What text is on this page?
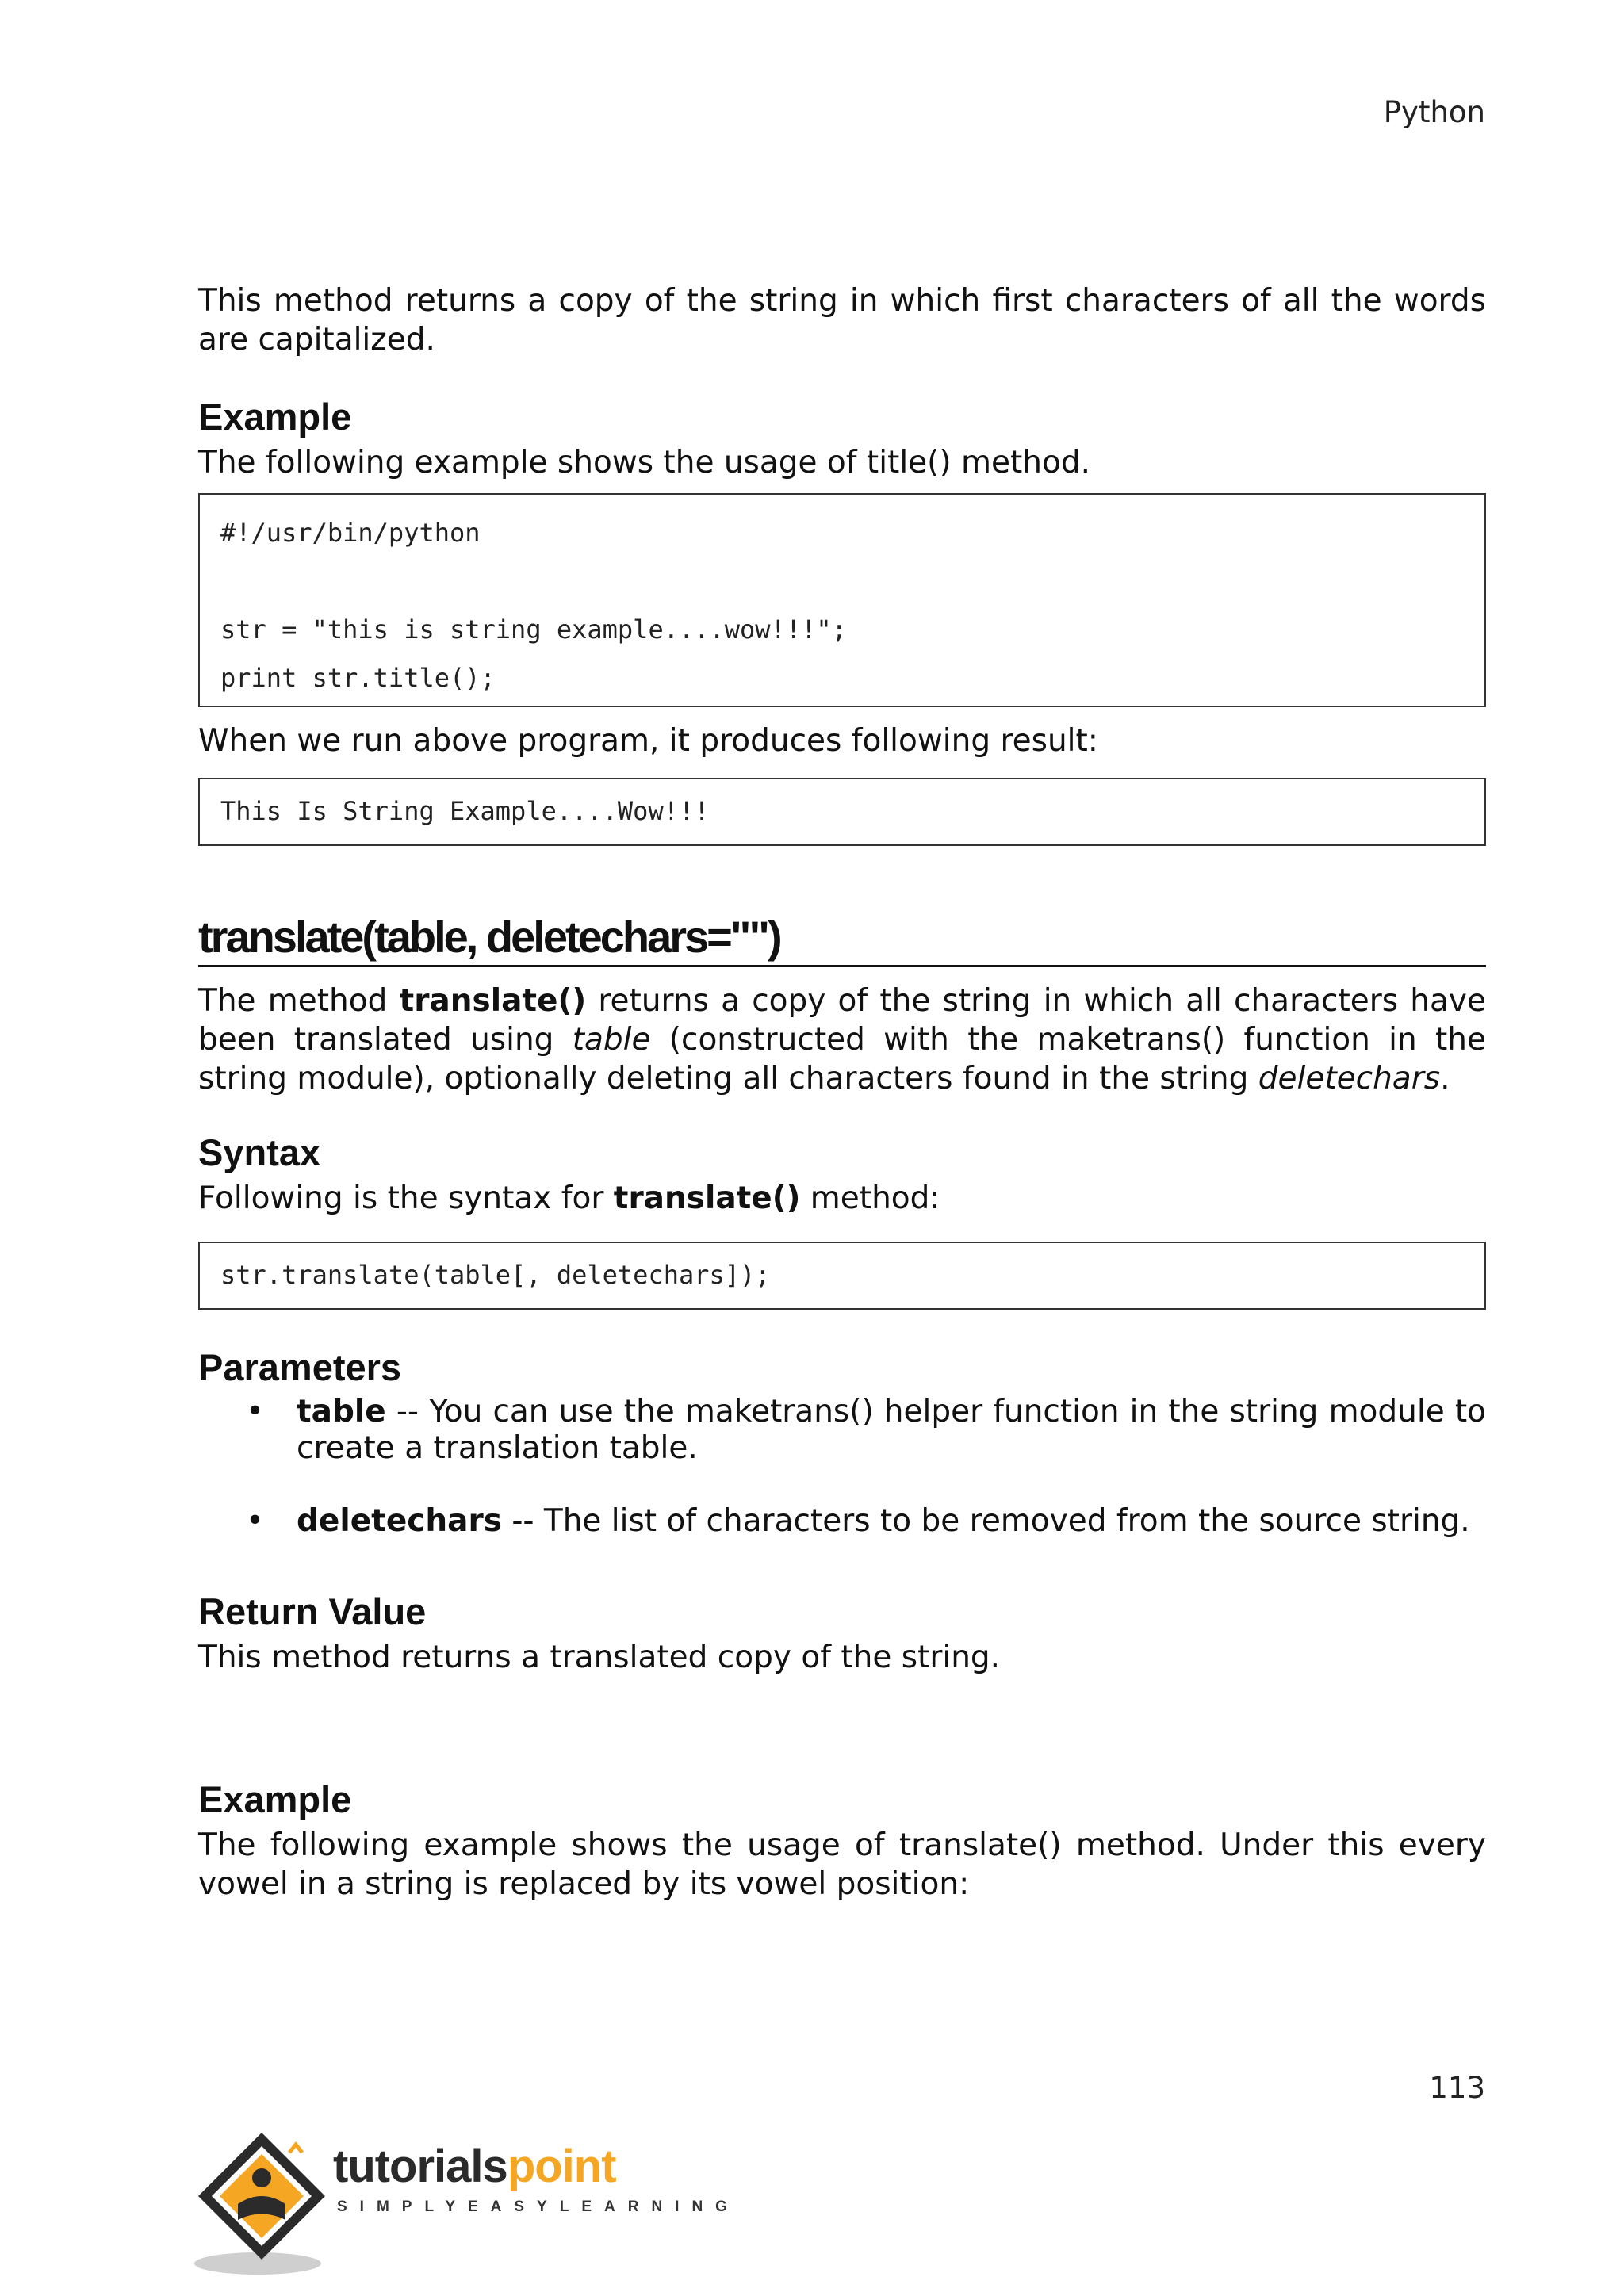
Python

This method returns a copy of the string in which first characters of all the words are capitalized.

Example

The following example shows the usage of title() method.

#!/usr/bin/python
str = "this is string example....wow!!!";
print str.title();

When we run above program, it produces following result:

This Is String Example....Wow!!!
translate(table, deletechars="")

The method translate() returns a copy of the string in which all characters have been translated using table (constructed with the maketrans() function in the string module), optionally deleting all characters found in the string deletechars.

Syntax

Following is the syntax for translate() method:

str.translate(table[, deletechars]);
Parameters
• table -- You can use the maketrans() helper function in the string module to create a translation table.
• deletechars -- The list of characters to be removed from the source string.
Return Value

This method returns a translated copy of the string.

Example

The following example shows the usage of translate() method. Under this every vowel in a string is replaced by its vowel position:

113
tutorialspoint
SIMPLYEASYLEARNING
